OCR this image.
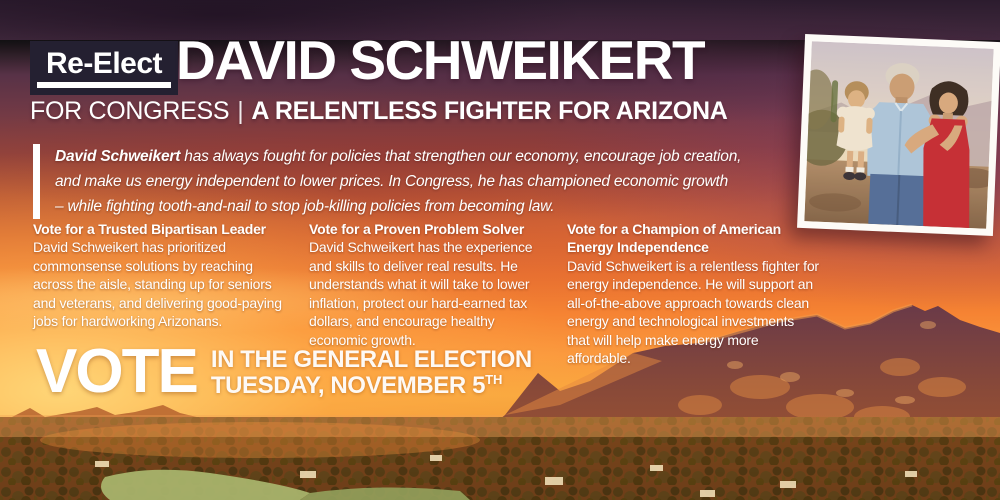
Re-Elect DAVID SCHWEIKERT
FOR CONGRESS | A RELENTLESS FIGHTER FOR ARIZONA
David Schweikert has always fought for policies that strengthen our economy, encourage job creation,
and make us energy independent to lower prices. In Congress, he has championed economic growth
– while fighting tooth-and-nail to stop job-killing policies from becoming law.
Vote for a Trusted Bipartisan Leader
David Schweikert has prioritized commonsense solutions by reaching across the aisle, standing up for seniors and veterans, and delivering good-paying jobs for hardworking Arizonans.
Vote for a Proven Problem Solver
David Schweikert has the experience and skills to deliver real results. He understands what it will take to lower inflation, protect our hard-earned tax dollars, and encourage healthy economic growth.
Vote for a Champion of American Energy Independence
David Schweikert is a relentless fighter for energy independence. He will support an all-of-the-above approach towards clean energy and technological investments that will help make energy more affordable.
VOTE IN THE GENERAL ELECTION
TUESDAY, NOVEMBER 5TH
